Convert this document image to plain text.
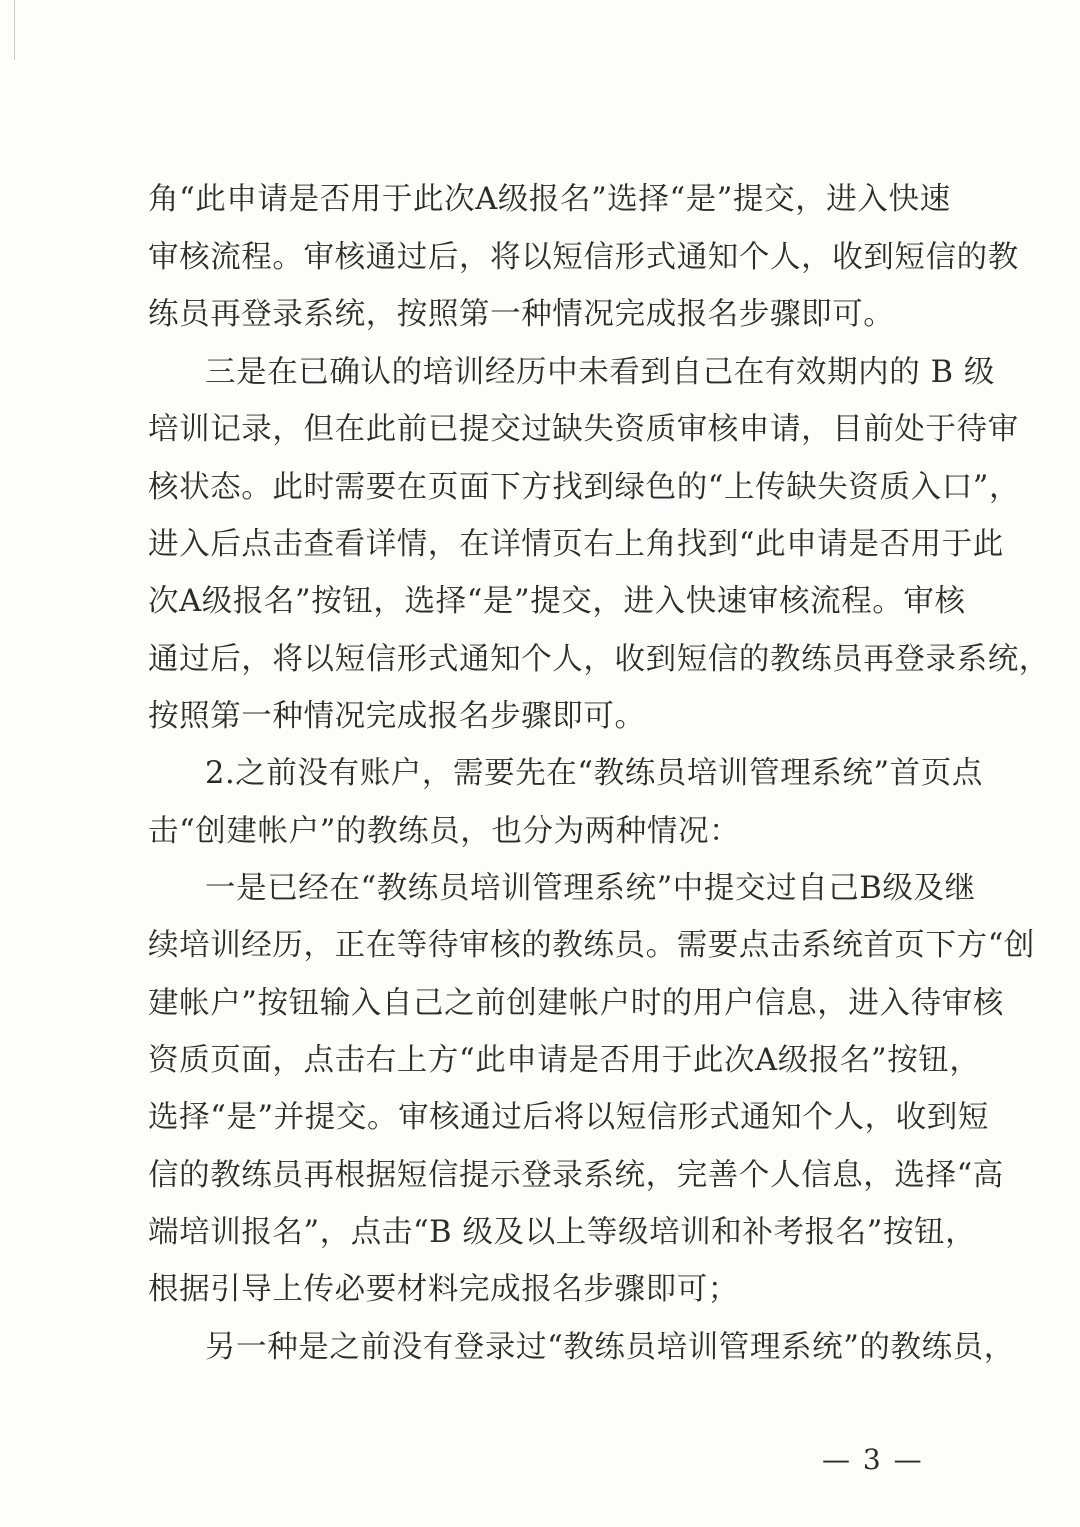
角“此申请是否用于此次A级报名”选择“是”提交，进入快速
审核流程。审核通过后，将以短信形式通知个人，收到短信的教
练员再登录系统，按照第一种情况完成报名步骤即可。
三是在已确认的培训经历中未看到自己在有效期内的 B 级
培训记录，但在此前已提交过缺失资质审核申请，目前处于待审
核状态。此时需要在页面下方找到绿色的“上传缺失资质入口”，
进入后点击查看详情，在详情页右上角找到“此申请是否用于此
次A级报名”按钮，选择“是”提交，进入快速审核流程。审核
通过后，将以短信形式通知个人，收到短信的教练员再登录系统，
按照第一种情况完成报名步骤即可。
2.之前没有账户，需要先在“教练员培训管理系统”首页点
击“创建帐户”的教练员，也分为两种情况：
一是已经在“教练员培训管理系统”中提交过自己B级及继
续培训经历，正在等待审核的教练员。需要点击系统首页下方“创
建帐户”按钮输入自己之前创建帐户时的用户信息，进入待审核
资质页面，点击右上方“此申请是否用于此次A级报名”按钮，
选择“是”并提交。审核通过后将以短信形式通知个人，收到短
信的教练员再根据短信提示登录系统，完善个人信息，选择“高
端培训报名”，点击“B 级及以上等级培训和补考报名”按钮，
根据引导上传必要材料完成报名步骤即可；
另一种是之前没有登录过“教练员培训管理系统”的教练员，
— 3 —
